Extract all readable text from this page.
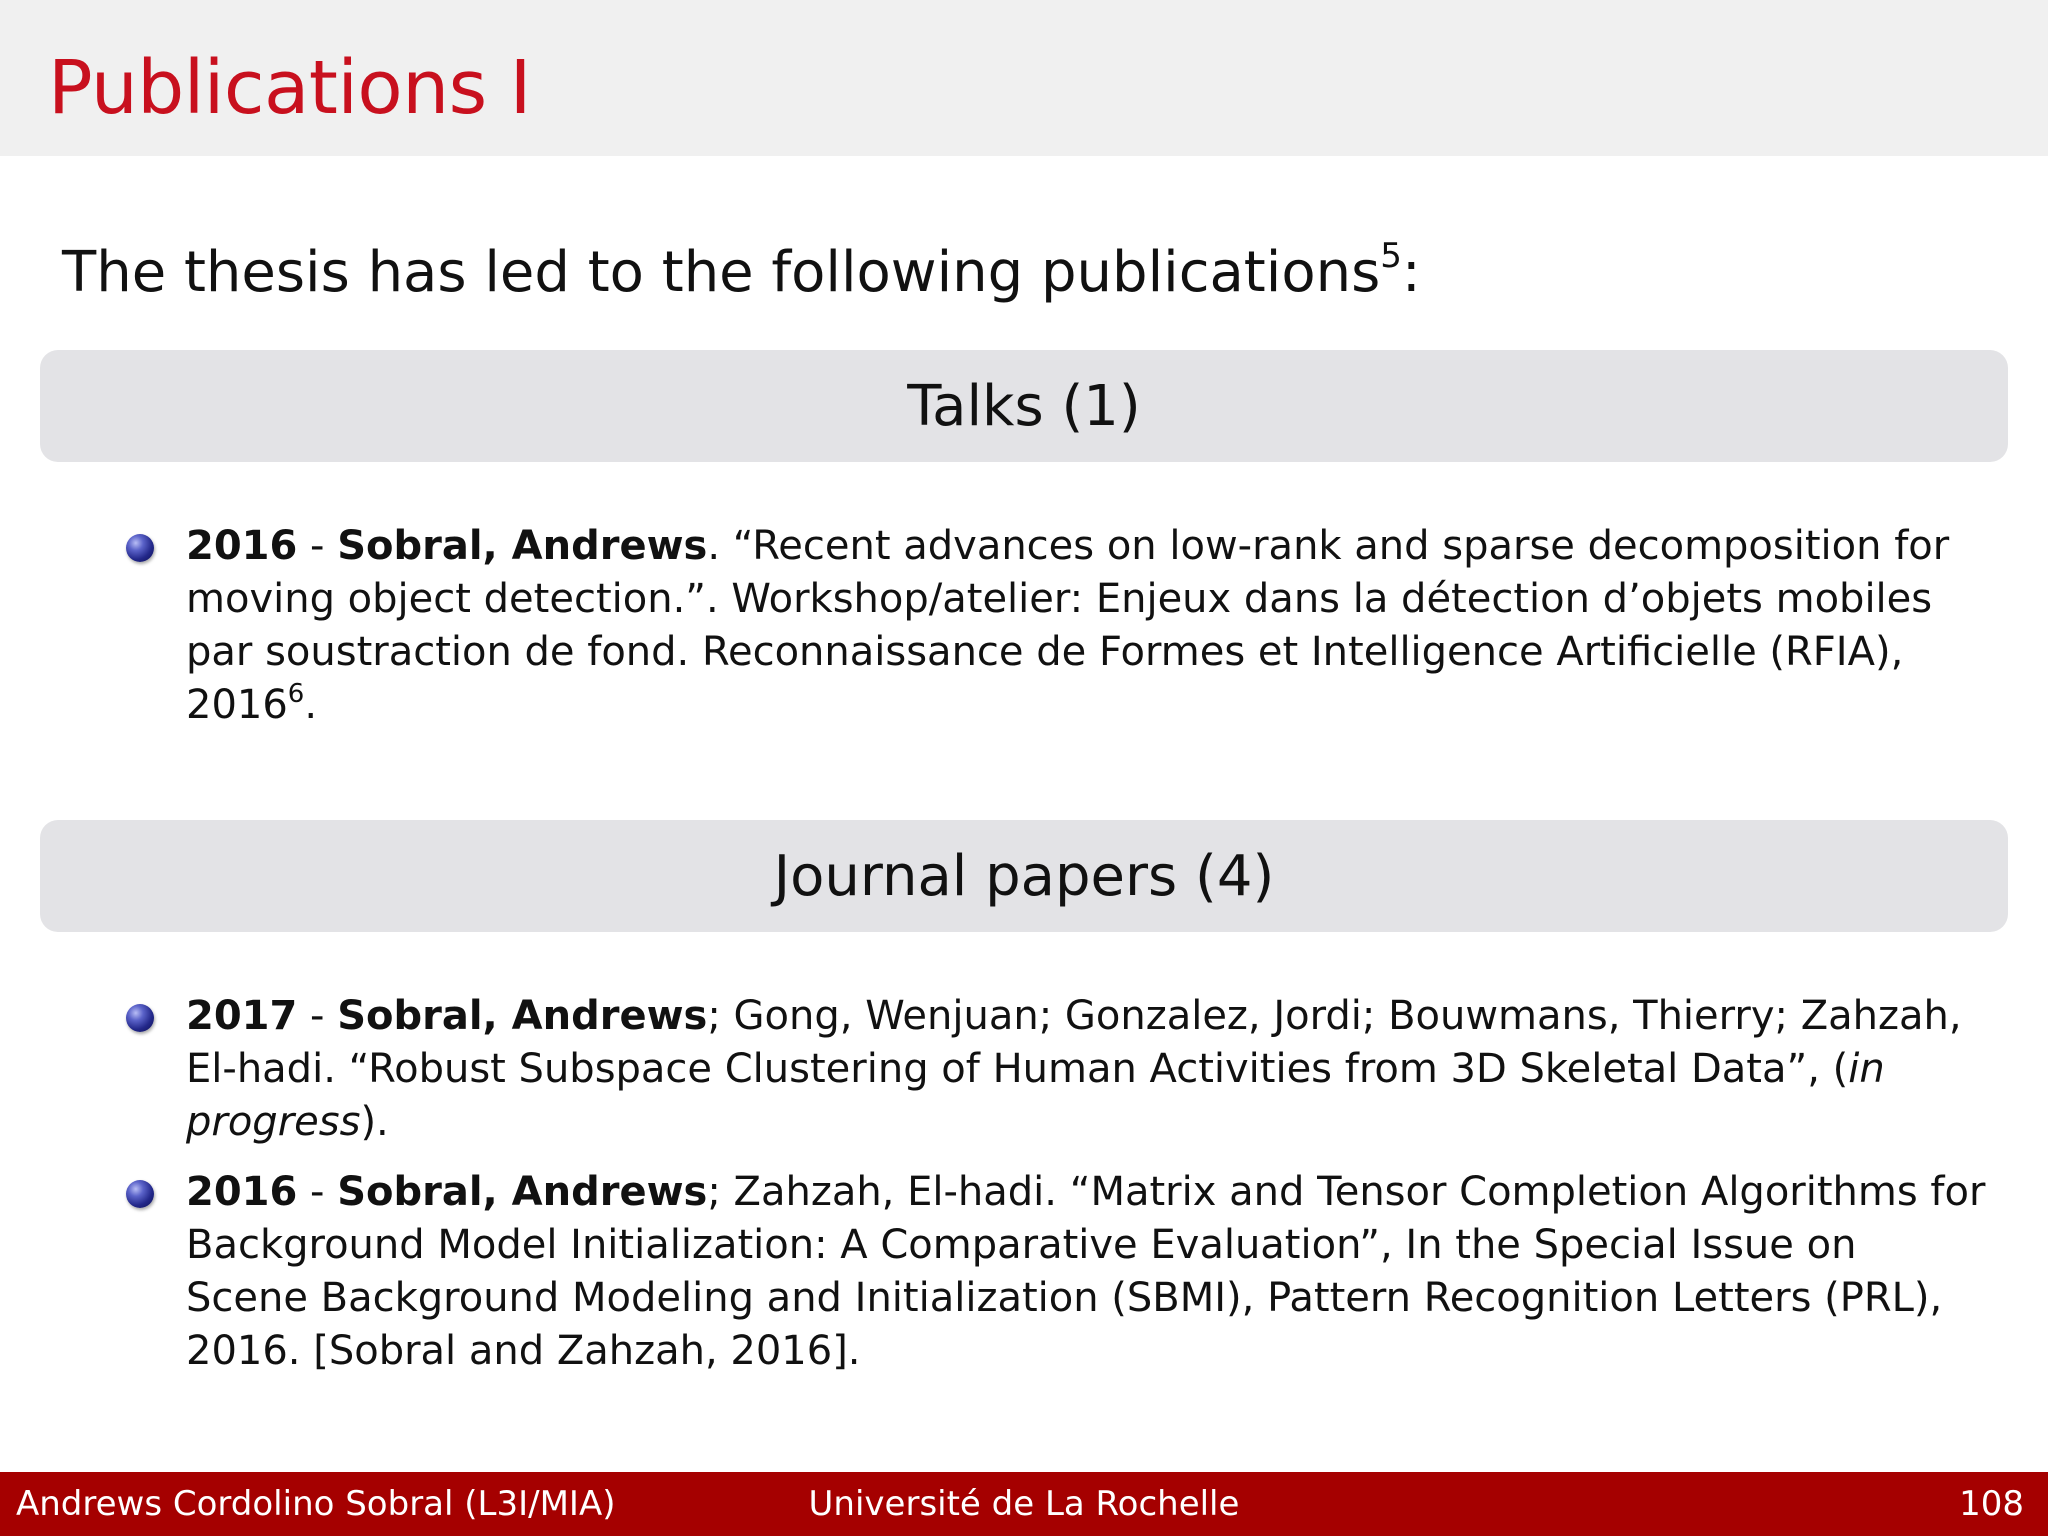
Publications I

The thesis has led to the following publications$^5$:

Talks (1)
2016 - Sobral, Andrews. “Recent advances on low-rank and sparse decomposition for moving object detection.”. Workshop/atelier: Enjeux dans la détection d’objets mobiles par soustraction de fond. Reconnaissance de Formes et Intelligence Artificielle (RFIA), 2016$^6$.
Journal papers (4)
2017 - Sobral, Andrews; Gong, Wenjuan; Gonzalez, Jordi; Bouwmans, Thierry; Zahzah, El-hadi. “Robust Subspace Clustering of Human Activities from 3D Skeletal Data”, (in progress).
2016 - Sobral, Andrews; Zahzah, El-hadi. “Matrix and Tensor Completion Algorithms for Background Model Initialization: A Comparative Evaluation”, In the Special Issue on Scene Background Modeling and Initialization (SBMI), Pattern Recognition Letters (PRL), 2016. [Sobral and Zahzah, 2016].
Andrews Cordolino Sobral (L3I/MIA)	Université de La Rochelle	108
